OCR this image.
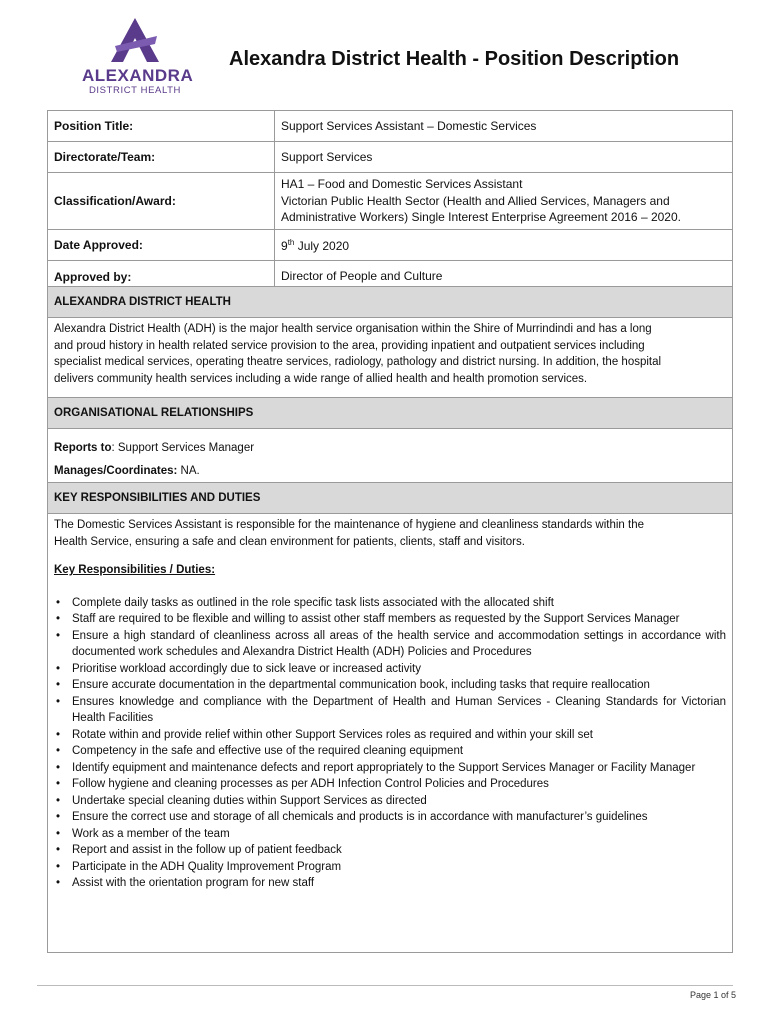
ALEXANDRA
DISTRICT HEALTH
Alexandra District Health - Position Description
Position Title:	Support Services Assistant – Domestic Services
Directorate/Team:	Support Services
Classification/Award:	HA1 – Food and Domestic Services Assistant
Victorian Public Health Sector (Health and Allied Services, Managers and
Administrative Workers) Single Interest Enterprise Agreement 2016 – 2020.

Date Approved:	9th July 2020
Approved by:	Director of People and Culture
ALEXANDRA DISTRICT HEALTH
Alexandra District Health (ADH) is the major health service organisation within the Shire of Murrindindi and has a long
and proud history in health related service provision to the area, providing inpatient and outpatient services including
specialist medical services, operating theatre services, radiology, pathology and district nursing. In addition, the hospital
delivers community health services including a wide range of allied health and health promotion services.
ORGANISATIONAL RELATIONSHIPS
Reports to: Support Services Manager
Manages/Coordinates: NA.
KEY RESPONSIBILITIES AND DUTIES
The Domestic Services Assistant is responsible for the maintenance of hygiene and cleanliness standards within the
Health Service, ensuring a safe and clean environment for patients, clients, staff and visitors.
Key Responsibilities / Duties:
• Complete daily tasks as outlined in the role specific task lists associated with the allocated shift
• Staff are required to be flexible and willing to assist other staff members as requested by the Support Services Manager
• Ensure a high standard of cleanliness across all areas of the health service and accommodation settings in accordance with documented work schedules and Alexandra District Health (ADH) Policies and Procedures
• Prioritise workload accordingly due to sick leave or increased activity
• Ensure accurate documentation in the departmental communication book, including tasks that require reallocation
• Ensures knowledge and compliance with the Department of Health and Human Services - Cleaning Standards for Victorian Health Facilities
• Rotate within and provide relief within other Support Services roles as required and within your skill set
• Competency in the safe and effective use of the required cleaning equipment
• Identify equipment and maintenance defects and report appropriately to the Support Services Manager or Facility Manager
• Follow hygiene and cleaning processes as per ADH Infection Control Policies and Procedures
• Undertake special cleaning duties within Support Services as directed
• Ensure the correct use and storage of all chemicals and products is in accordance with manufacturer’s guidelines
• Work as a member of the team
• Report and assist in the follow up of patient feedback
• Participate in the ADH Quality Improvement Program
• Assist with the orientation program for new staff
Page 1 of 5
